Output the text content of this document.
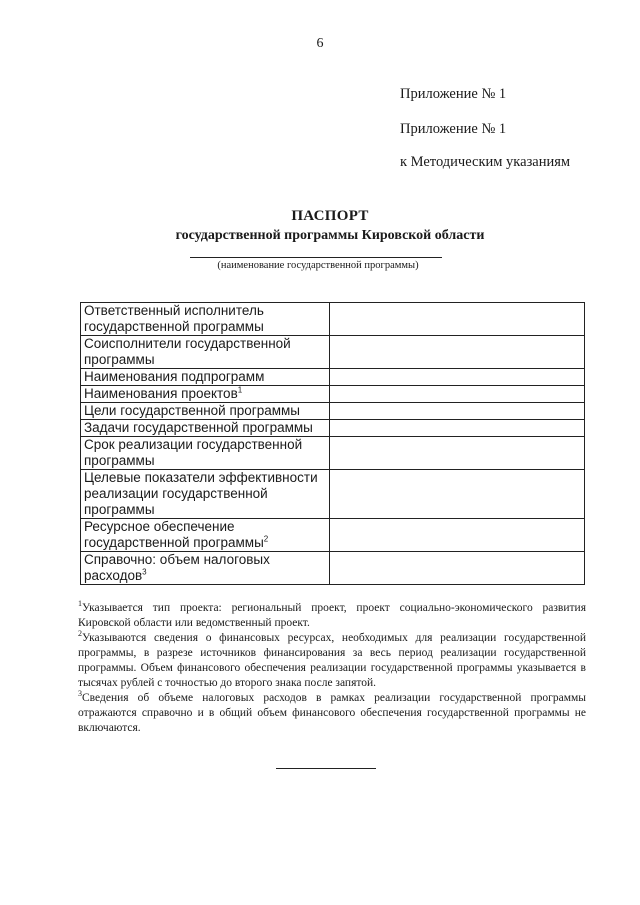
6
Приложение № 1
Приложение № 1
к Методическим указаниям
ПАСПОРТ
государственной программы Кировской области
(наименование государственной программы)
Ответственный исполнитель государственной программы	
Соисполнители государственной программы	
Наименования подпрограмм	
Наименования проектов$^1$	
Цели государственной программы	
Задачи государственной программы	
Срок реализации государственной программы	
Целевые показатели эффективности реализации государственной программы	
Ресурсное обеспечение государственной программы$^2$	
Справочно: объем налоговых расходов$^3$	

$^1$Указывается тип проекта: региональный проект, проект социально-экономического развития Кировской области или ведомственный проект.

$^2$Указываются сведения о финансовых ресурсах, необходимых для реализации государственной программы, в разрезе источников финансирования за весь период реализации государственной программы. Объем финансового обеспечения реализации государственной программы указывается в тысячах рублей с точностью до второго знака после запятой.

$^3$Сведения об объеме налоговых расходов в рамках реализации государственной программы отражаются справочно и в общий объем финансового обеспечения государственной программы не включаются.
